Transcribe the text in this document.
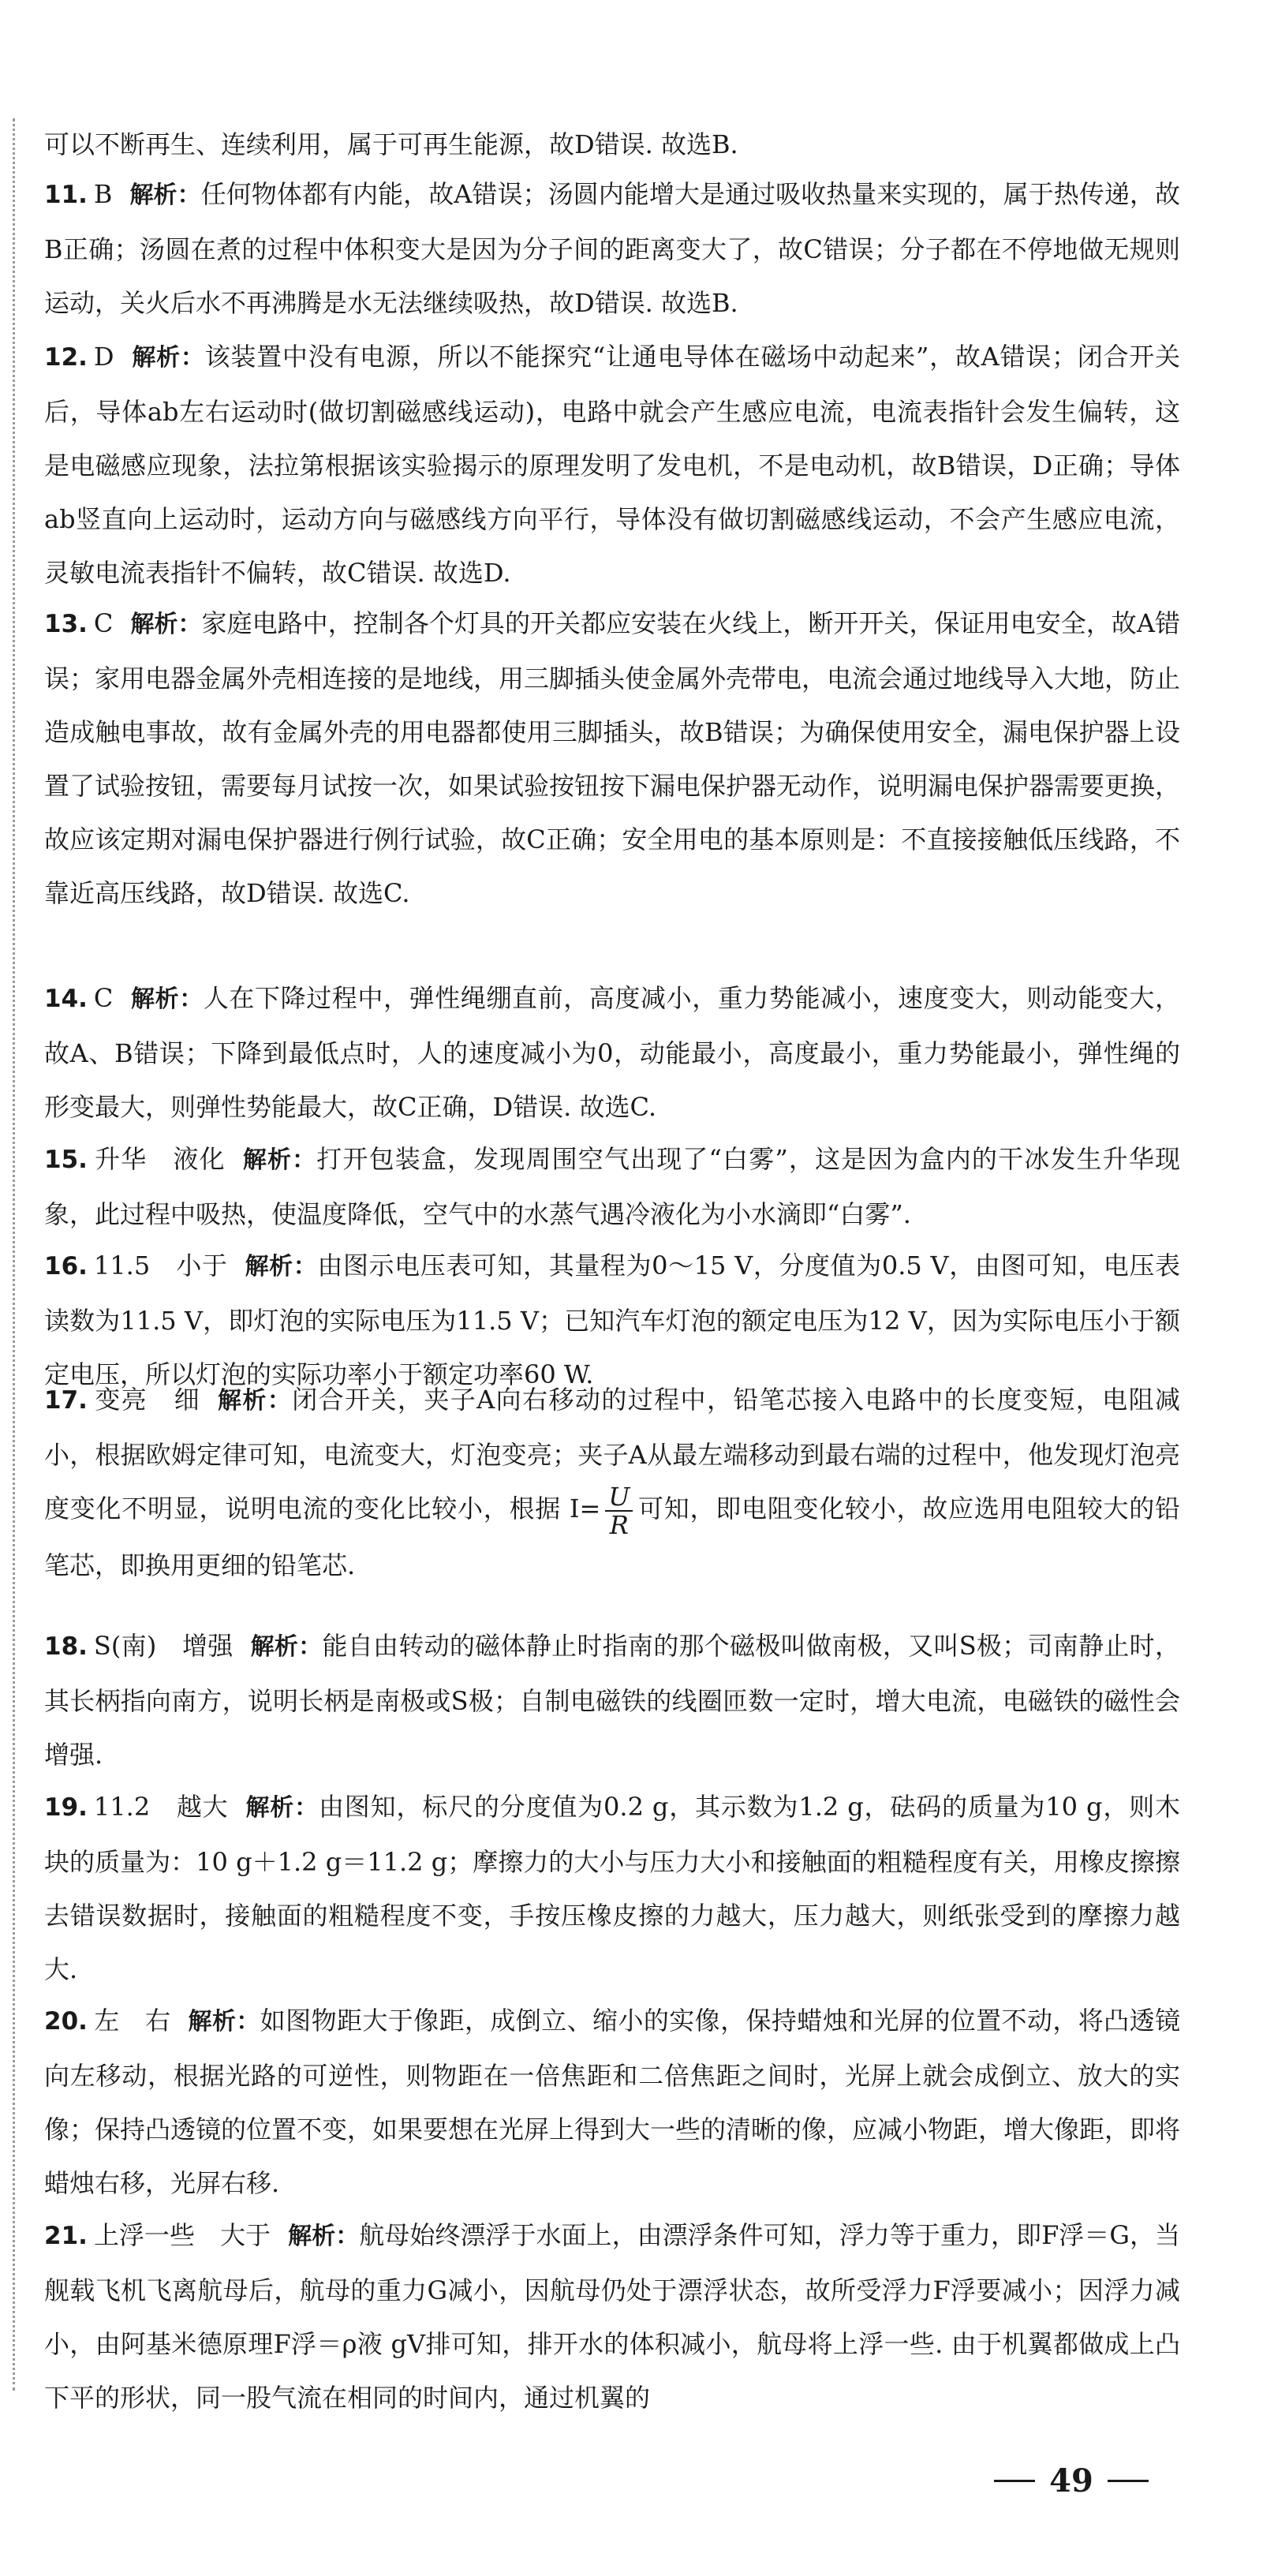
可以不断再生、连续利用，属于可再生能源，故D错误. 故选B.
11. B 解析：任何物体都有内能，故A错误；汤圆内能增大是通过吸收热量来实现的，属于热传递，故B正确；汤圆在煮的过程中体积变大是因为分子间的距离变大了，故C错误；分子都在不停地做无规则运动，关火后水不再沸腾是水无法继续吸热，故D错误. 故选B.
12. D 解析：该装置中没有电源，所以不能探究“让通电导体在磁场中动起来”，故A错误；闭合开关后，导体ab左右运动时(做切割磁感线运动)，电路中就会产生感应电流，电流表指针会发生偏转，这是电磁感应现象，法拉第根据该实验揭示的原理发明了发电机，不是电动机，故B错误，D正确；导体ab竖直向上运动时，运动方向与磁感线方向平行，导体没有做切割磁感线运动，不会产生感应电流，灵敏电流表指针不偏转，故C错误. 故选D.
13. C 解析：家庭电路中，控制各个灯具的开关都应安装在火线上，断开开关，保证用电安全，故A错误；家用电器金属外壳相连接的是地线，用三脚插头使金属外壳带电，电流会通过地线导入大地，防止造成触电事故，故有金属外壳的用电器都使用三脚插头，故B错误；为确保使用安全，漏电保护器上设置了试验按钮，需要每月试按一次，如果试验按钮按下漏电保护器无动作，说明漏电保护器需要更换，故应该定期对漏电保护器进行例行试验，故C正确；安全用电的基本原则是：不直接接触低压线路，不靠近高压线路，故D错误. 故选C.
14. C 解析：人在下降过程中，弹性绳绷直前，高度减小，重力势能减小，速度变大，则动能变大，故A、B错误；下降到最低点时，人的速度减小为0，动能最小，高度最小，重力势能最小，弹性绳的形变最大，则弹性势能最大，故C正确，D错误. 故选C.
15. 升华　液化 解析：打开包装盒，发现周围空气出现了“白雾”，这是因为盒内的干冰发生升华现象，此过程中吸热，使温度降低，空气中的水蒸气遇冷液化为小水滴即“白雾”.
16. 11.5　小于 解析：由图示电压表可知，其量程为0～15 V，分度值为0.5 V，由图可知，电压表读数为11.5 V，即灯泡的实际电压为11.5 V；已知汽车灯泡的额定电压为12 V，因为实际电压小于额定电压，所以灯泡的实际功率小于额定功率60 W.
17. 变亮　细 解析：闭合开关，夹子A向右移动的过程中，铅笔芯接入电路中的长度变短，电阻减小，根据欧姆定律可知，电流变大，灯泡变亮；夹子A从最左端移动到最右端的过程中，他发现灯泡亮度变化不明显，说明电流的变化比较小，根据 $I= \frac{U}{R}$ 可知，即电阻变化较小，故应选用电阻较大的铅笔芯，即换用更细的铅笔芯.
18. S(南)　增强 解析：能自由转动的磁体静止时指南的那个磁极叫做南极，又叫S极；司南静止时，其长柄指向南方，说明长柄是南极或S极；自制电磁铁的线圈匝数一定时，增大电流，电磁铁的磁性会增强.
19. 11.2　越大 解析：由图知，标尺的分度值为0.2 g，其示数为1.2 g，砝码的质量为10 g，则木块的质量为：10 g＋1.2 g＝11.2 g；摩擦力的大小与压力大小和接触面的粗糙程度有关，用橡皮擦擦去错误数据时，接触面的粗糙程度不变，手按压橡皮擦的力越大，压力越大，则纸张受到的摩擦力越大.
20. 左　右 解析：如图物距大于像距，成倒立、缩小的实像，保持蜡烛和光屏的位置不动，将凸透镜向左移动，根据光路的可逆性，则物距在一倍焦距和二倍焦距之间时，光屏上就会成倒立、放大的实像；保持凸透镜的位置不变，如果要想在光屏上得到大一些的清晰的像，应减小物距，增大像距，即将蜡烛右移，光屏右移.
21. 上浮一些　大于 解析：航母始终漂浮于水面上，由漂浮条件可知，浮力等于重力，即F浮＝G，当舰载飞机飞离航母后，航母的重力G减小，因航母仍处于漂浮状态，故所受浮力F浮要减小；因浮力减小，由阿基米德原理F浮＝ρ液 gV排可知，排开水的体积减小，航母将上浮一些. 由于机翼都做成上凸下平的形状，同一股气流在相同的时间内，通过机翼的
49
